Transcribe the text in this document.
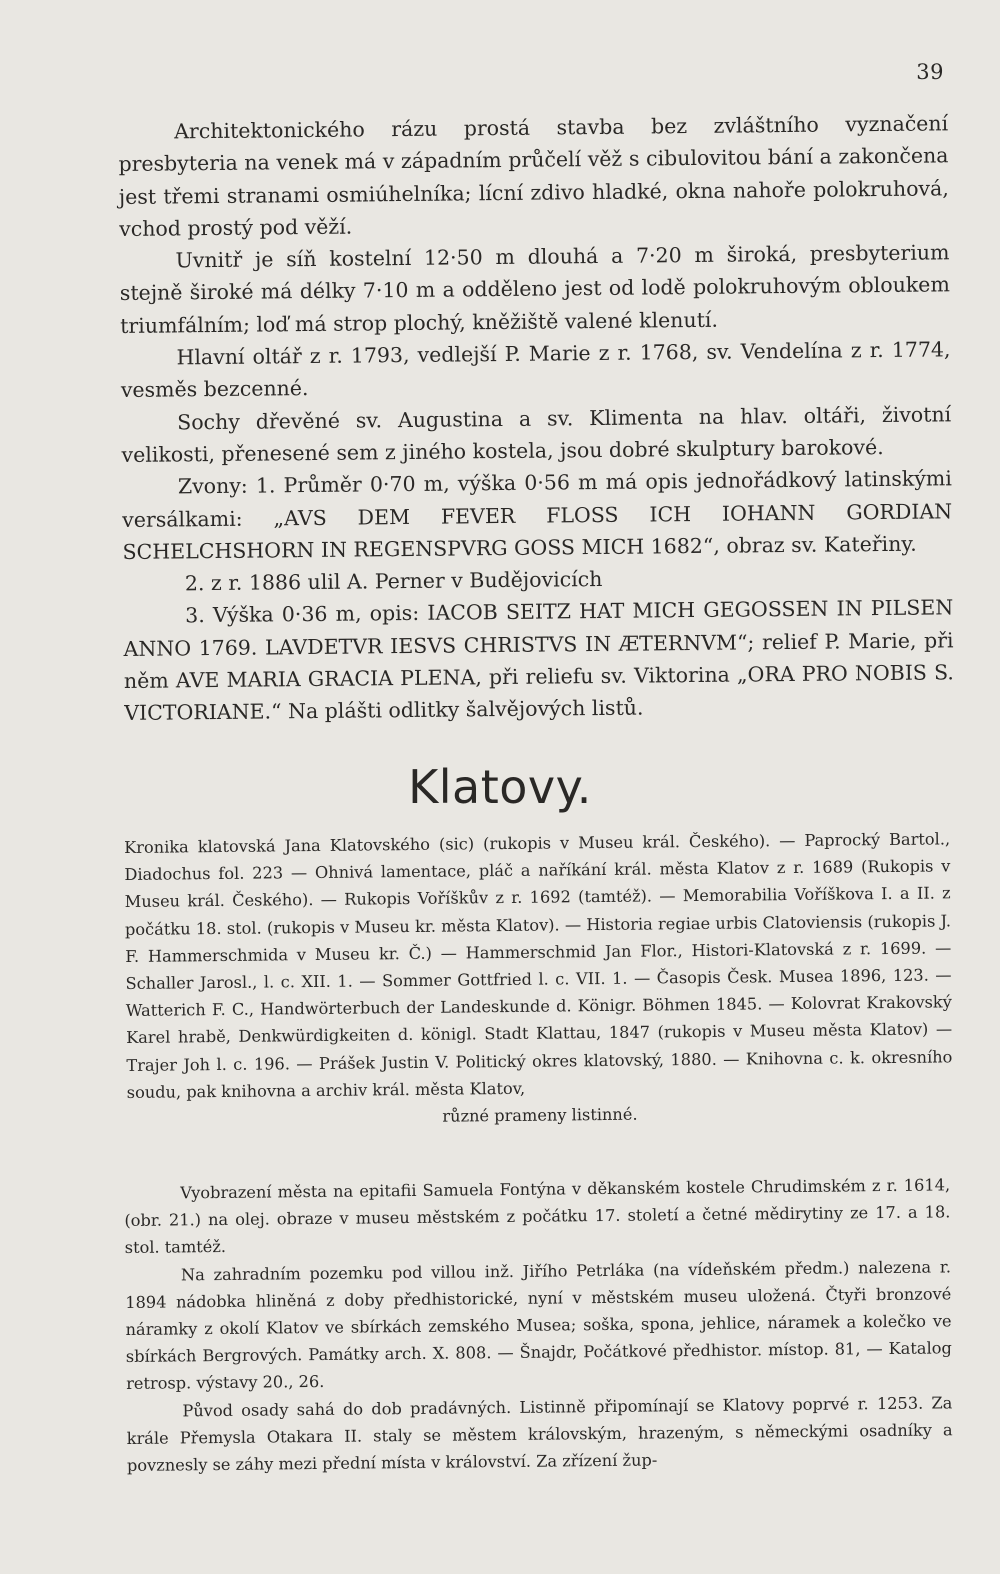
39

Architektonického rázu prostá stavba bez zvláštního vyznačení presbyteria na venek má v západním průčelí věž s cibulovitou bání a zakončena jest třemi stranami osmiúhelníka; lícní zdivo hladké, okna nahoře polokruhová, vchod prostý pod věží.

Uvnitř je síň kostelní 12·50 m dlouhá a 7·20 m široká, presbyterium stejně široké má délky 7·10 m a odděleno jest od lodě polokruhovým obloukem triumfálním; loď má strop plochý, kněžiště valené klenutí.

Hlavní oltář z r. 1793, vedlejší P. Marie z r. 1768, sv. Vendelína z r. 1774, vesměs bezcenné.

Sochy dřevěné sv. Augustina a sv. Klimenta na hlav. oltáři, životní velikosti, přenesené sem z jiného kostela, jsou dobré skulptury barokové.

Zvony: 1. Průměr 0·70 m, výška 0·56 m má opis jednořádkový latinskými versálkami: „AVS DEM FEVER FLOSS ICH IOHANN GORDIAN SCHELCHSHORN IN REGENSPVRG GOSS MICH 1682“, obraz sv. Kateřiny.

2. z r. 1886 ulil A. Perner v Budějovicích

3. Výška 0·36 m, opis: IACOB SEITZ HAT MICH GEGOSSEN IN PILSEN ANNO 1769. LAVDETVR IESVS CHRISTVS IN ÆTERNVM“; relief P. Marie, při něm AVE MARIA GRACIA PLENA, při reliefu sv. Viktorina „ORA PRO NOBIS S. VICTORIANE.“ Na plášti odlitky šalvějových listů.

Klatovy.

Kronika klatovská Jana Klatovského (sic) (rukopis v Museu král. Českého). — Paprocký Bartol., Diadochus fol. 223 — Ohnivá lamentace, pláč a naříkání král. města Klatov z r. 1689 (Rukopis v Museu král. Českého). — Rukopis Voříškův z r. 1692 (tamtéž). — Memorabilia Voříškova I. a II. z počátku 18. stol. (rukopis v Museu kr. města Klatov). — Historia regiae urbis Clatoviensis (rukopis J. F. Hammerschmida v Museu kr. Č.) — Hammerschmid Jan Flor., Histori-Klatovská z r. 1699. — Schaller Jarosl., l. c. XII. 1. — Sommer Gottfried l. c. VII. 1. — Časopis Česk. Musea 1896, 123. — Watterich F. C., Handwörterbuch der Landeskunde d. Königr. Böhmen 1845. — Kolovrat Krakovský Karel hrabě, Denkwürdigkeiten d. königl. Stadt Klattau, 1847 (rukopis v Museu města Klatov) — Trajer Joh l. c. 196. — Prášek Justin V. Politický okres klatovský, 1880. — Knihovna c. k. okresního soudu, pak knihovna a archiv král. města Klatov,

různé prameny listinné.

Vyobrazení města na epitafii Samuela Fontýna v děkanském kostele Chrudimském z r. 1614, (obr. 21.) na olej. obraze v museu městském z počátku 17. století a četné mědirytiny ze 17. a 18. stol. tamtéž.

Na zahradním pozemku pod villou inž. Jiřího Petrláka (na vídeňském předm.) nalezena r. 1894 nádobka hliněná z doby předhistorické, nyní v městském museu uložená. Čtyři bronzové náramky z okolí Klatov ve sbírkách zemského Musea; soška, spona, jehlice, náramek a kolečko ve sbírkách Bergrových. Památky arch. X. 808. — Šnajdr, Počátkové předhistor. místop. 81, — Katalog retrosp. výstavy 20., 26.

Původ osady sahá do dob pradávných. Listinně připomínají se Klatovy poprvé r. 1253. Za krále Přemysla Otakara II. staly se městem královským, hrazeným, s německými osadníky a povznesly se záhy mezi přední místa v království. Za zřízení žup-
